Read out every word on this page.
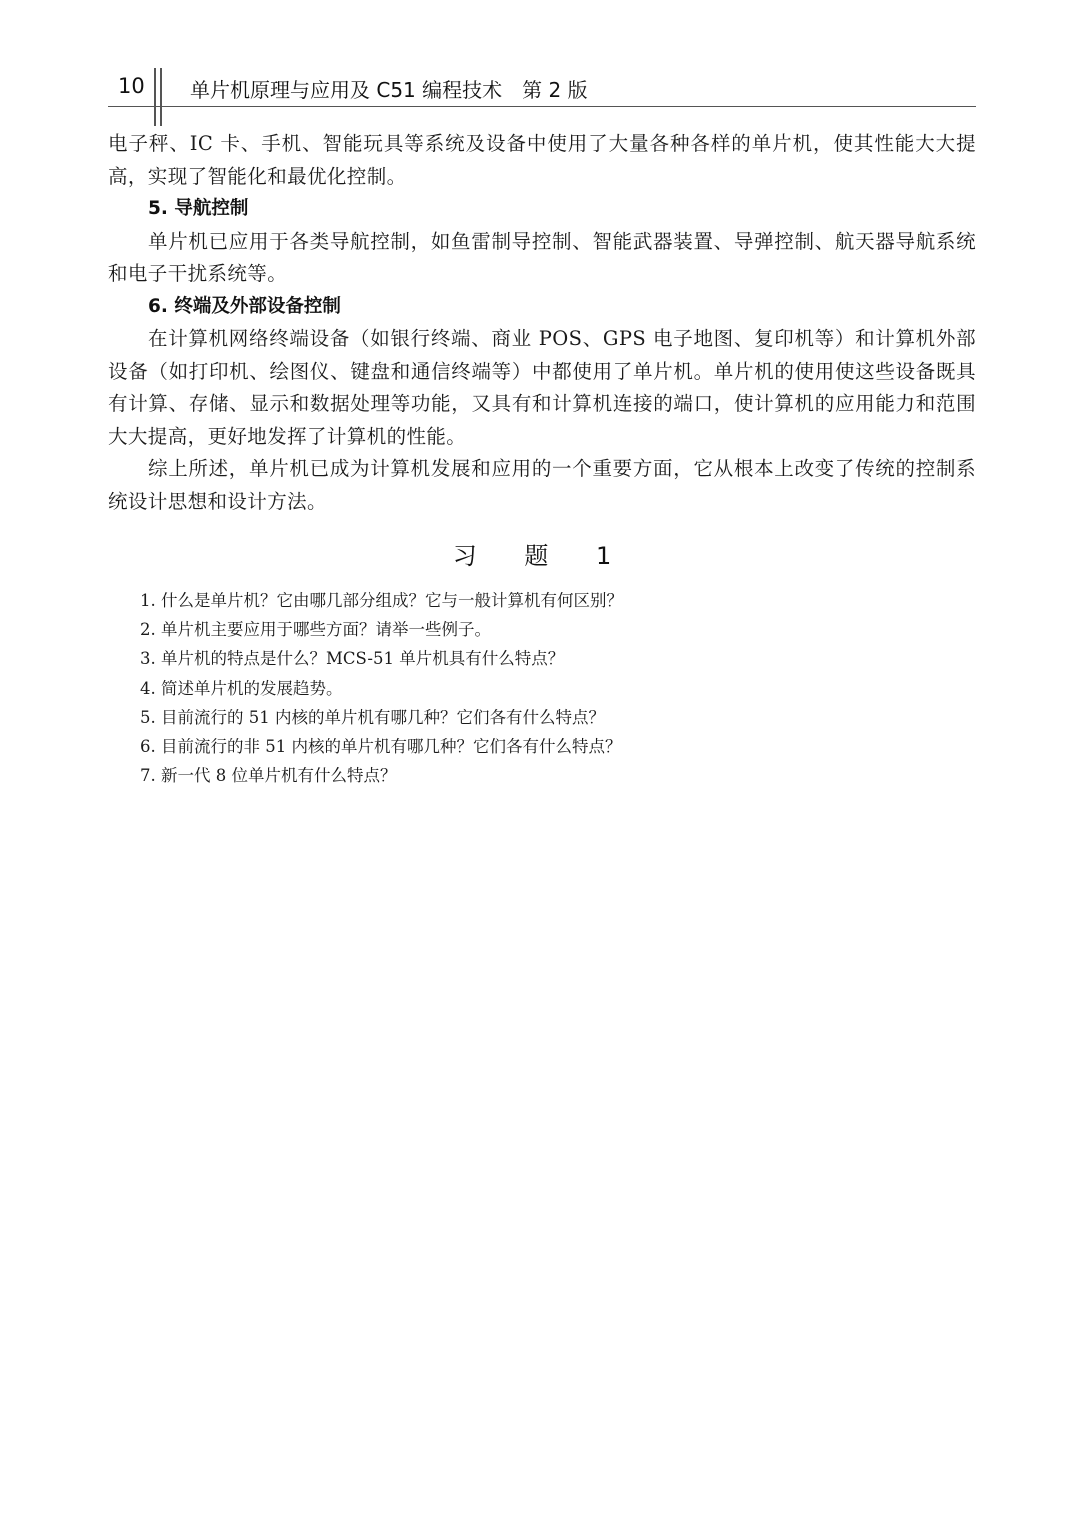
10 单片机原理与应用及 C51 编程技术　第 2 版

电子秤、IC 卡、手机、智能玩具等系统及设备中使用了大量各种各样的单片机，使其性能大大提高，实现了智能化和最优化控制。

5. 导航控制

单片机已应用于各类导航控制，如鱼雷制导控制、智能武器装置、导弹控制、航天器导航系统和电子干扰系统等。

6. 终端及外部设备控制

在计算机网络终端设备（如银行终端、商业 POS、GPS 电子地图、复印机等）和计算机外部设备（如打印机、绘图仪、键盘和通信终端等）中都使用了单片机。单片机的使用使这些设备既具有计算、存储、显示和数据处理等功能，又具有和计算机连接的端口，使计算机的应用能力和范围大大提高，更好地发挥了计算机的性能。

综上所述，单片机已成为计算机发展和应用的一个重要方面，它从根本上改变了传统的控制系统设计思想和设计方法。

习 题 1
1. 什么是单片机？它由哪几部分组成？它与一般计算机有何区别？
2. 单片机主要应用于哪些方面？请举一些例子。
3. 单片机的特点是什么？MCS-51 单片机具有什么特点？
4. 简述单片机的发展趋势。
5. 目前流行的 51 内核的单片机有哪几种？它们各有什么特点？
6. 目前流行的非 51 内核的单片机有哪几种？它们各有什么特点？
7. 新一代 8 位单片机有什么特点？
